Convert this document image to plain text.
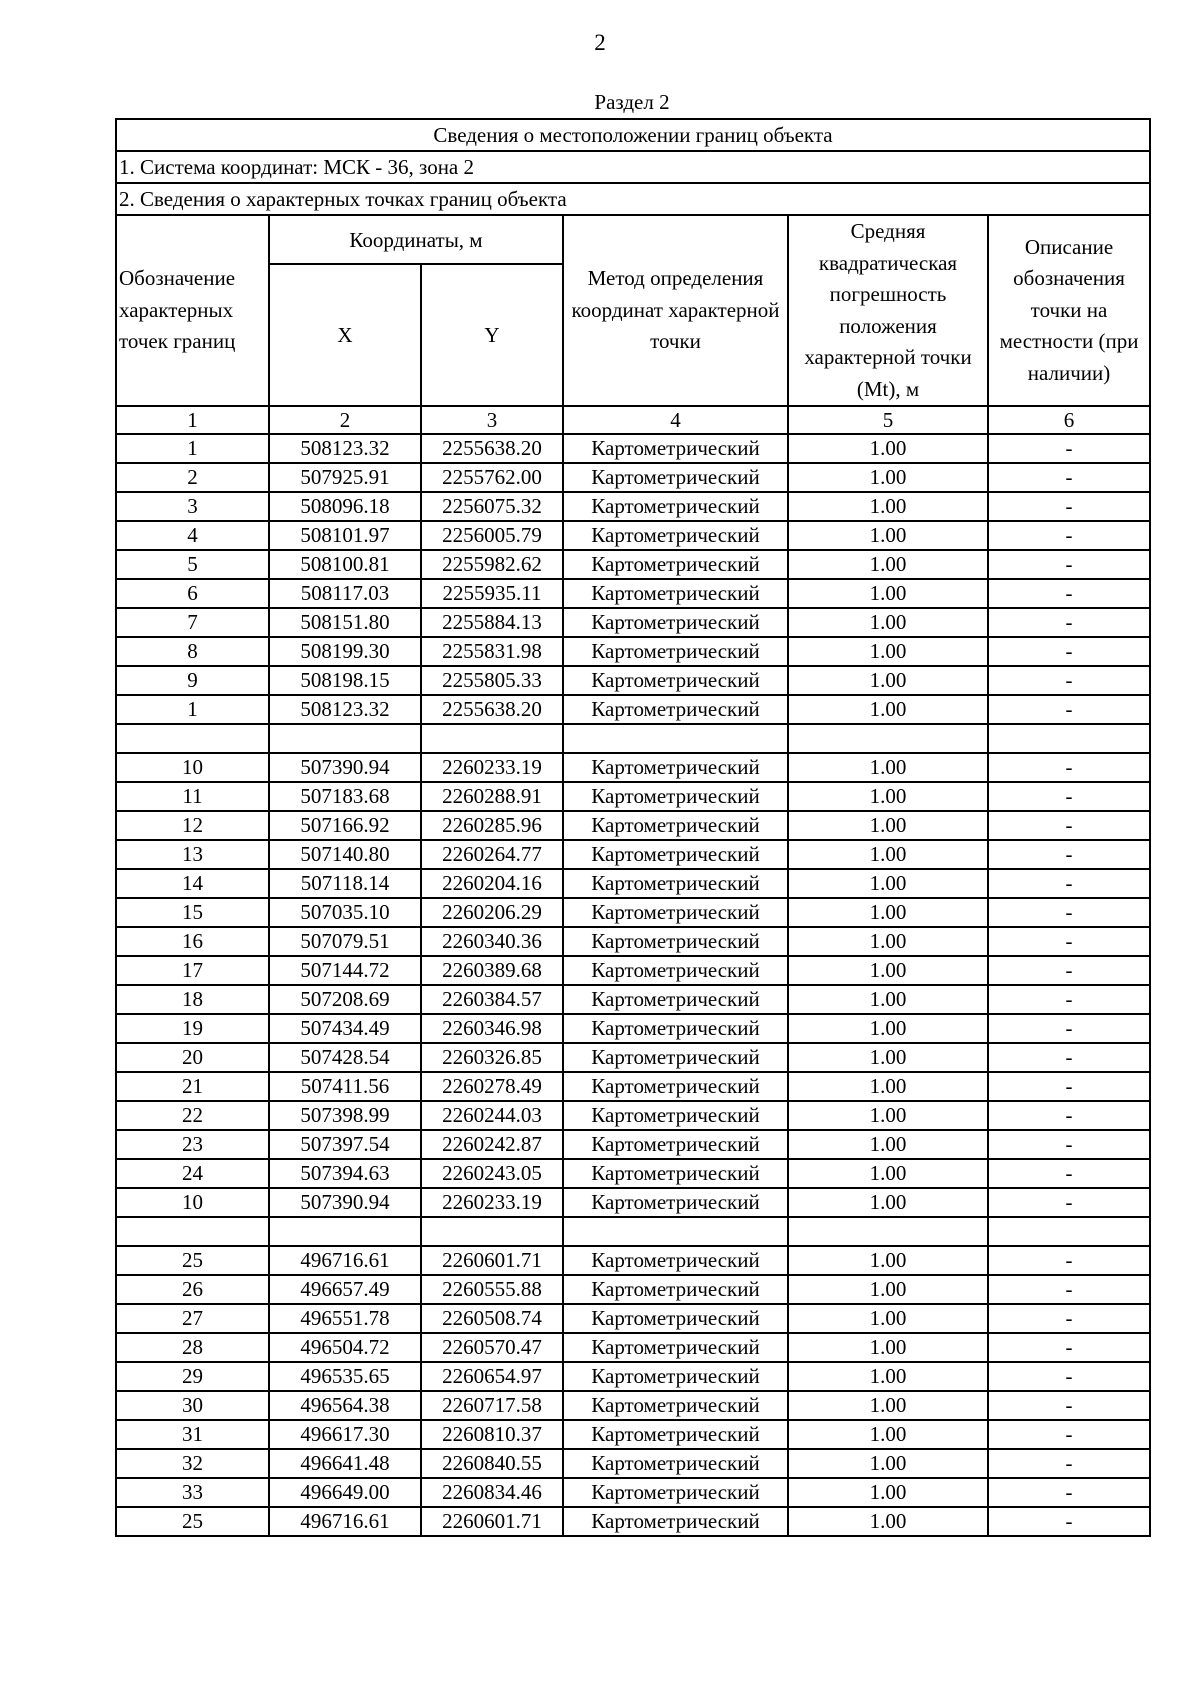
2
Раздел 2
Сведения о местоположении границ объекта					
1. Система координат: МСК - 36, зона 2					
2. Сведения о характерных точках границ объекта					
Обозначение характерных точек границ	Координаты, м		Метод определения координат характерной точки	Средняя квадратическая погрешность положения характерной точки (Mt), м	Описание обозначения точки на местности (при наличии)
	X	Y			
1	2	3	4	5	6
1	508123.32	2255638.20	Картометрический	1.00	-
2	507925.91	2255762.00	Картометрический	1.00	-
3	508096.18	2256075.32	Картометрический	1.00	-
4	508101.97	2256005.79	Картометрический	1.00	-
5	508100.81	2255982.62	Картометрический	1.00	-
6	508117.03	2255935.11	Картометрический	1.00	-
7	508151.80	2255884.13	Картометрический	1.00	-
8	508199.30	2255831.98	Картометрический	1.00	-
9	508198.15	2255805.33	Картометрический	1.00	-
1	508123.32	2255638.20	Картометрический	1.00	-

10	507390.94	2260233.19	Картометрический	1.00	-
11	507183.68	2260288.91	Картометрический	1.00	-
12	507166.92	2260285.96	Картометрический	1.00	-
13	507140.80	2260264.77	Картометрический	1.00	-
14	507118.14	2260204.16	Картометрический	1.00	-
15	507035.10	2260206.29	Картометрический	1.00	-
16	507079.51	2260340.36	Картометрический	1.00	-
17	507144.72	2260389.68	Картометрический	1.00	-
18	507208.69	2260384.57	Картометрический	1.00	-
19	507434.49	2260346.98	Картометрический	1.00	-
20	507428.54	2260326.85	Картометрический	1.00	-
21	507411.56	2260278.49	Картометрический	1.00	-
22	507398.99	2260244.03	Картометрический	1.00	-
23	507397.54	2260242.87	Картометрический	1.00	-
24	507394.63	2260243.05	Картометрический	1.00	-
10	507390.94	2260233.19	Картометрический	1.00	-

25	496716.61	2260601.71	Картометрический	1.00	-
26	496657.49	2260555.88	Картометрический	1.00	-
27	496551.78	2260508.74	Картометрический	1.00	-
28	496504.72	2260570.47	Картометрический	1.00	-
29	496535.65	2260654.97	Картометрический	1.00	-
30	496564.38	2260717.58	Картометрический	1.00	-
31	496617.30	2260810.37	Картометрический	1.00	-
32	496641.48	2260840.55	Картометрический	1.00	-
33	496649.00	2260834.46	Картометрический	1.00	-
25	496716.61	2260601.71	Картометрический	1.00	-
